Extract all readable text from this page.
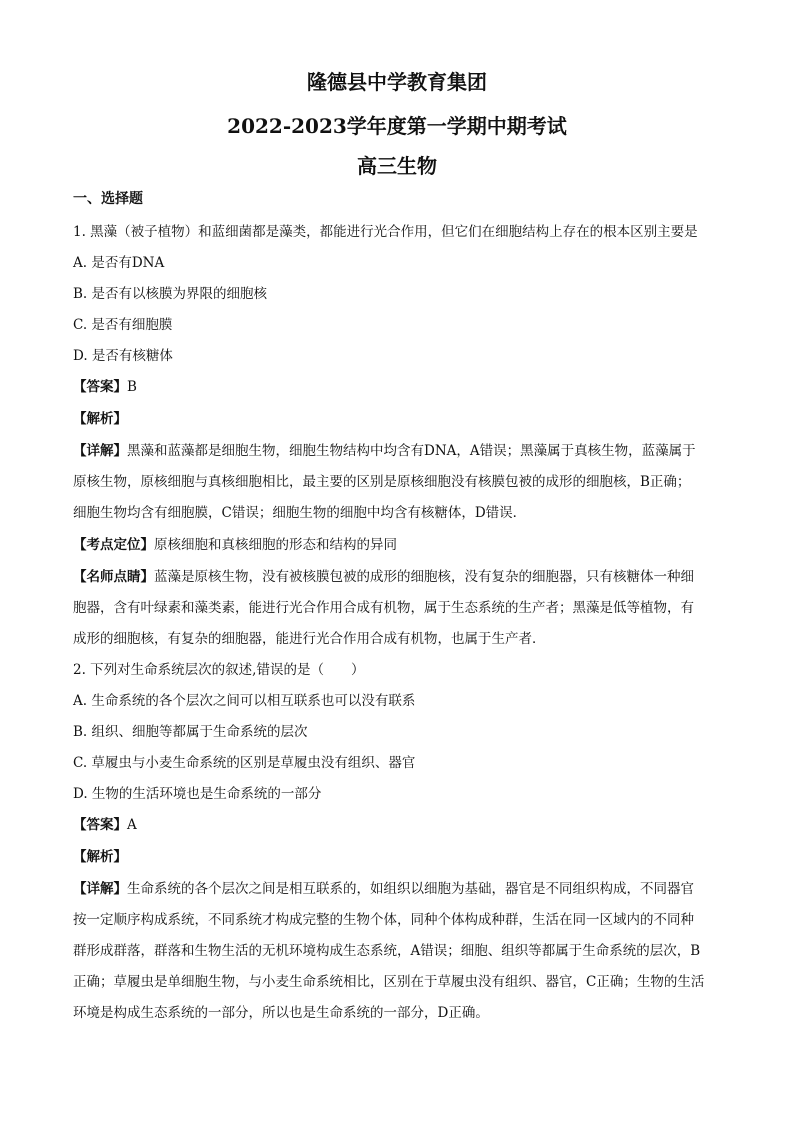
隆德县中学教育集团
2022-2023学年度第一学期中期考试
高三生物
一、选择题
1. 黑藻（被子植物）和蓝细菌都是藻类，都能进行光合作用，但它们在细胞结构上存在的根本区别主要是
A. 是否有DNA
B. 是否有以核膜为界限的细胞核
C. 是否有细胞膜
D. 是否有核糖体
【答案】B
【解析】
【详解】黑藻和蓝藻都是细胞生物，细胞生物结构中均含有DNA，A错误；黑藻属于真核生物，蓝藻属于
原核生物，原核细胞与真核细胞相比，最主要的区别是原核细胞没有核膜包被的成形的细胞核，B正确；
细胞生物均含有细胞膜，C错误；细胞生物的细胞中均含有核糖体，D错误．
【考点定位】原核细胞和真核细胞的形态和结构的异同
【名师点睛】蓝藻是原核生物，没有被核膜包被的成形的细胞核，没有复杂的细胞器，只有核糖体一种细
胞器，含有叶绿素和藻类素，能进行光合作用合成有机物，属于生态系统的生产者；黑藻是低等植物，有
成形的细胞核，有复杂的细胞器，能进行光合作用合成有机物，也属于生产者．
2. 下列对生命系统层次的叙述,错误的是（　　）
A. 生命系统的各个层次之间可以相互联系也可以没有联系
B. 组织、细胞等都属于生命系统的层次
C. 草履虫与小麦生命系统的区别是草履虫没有组织、器官
D. 生物的生活环境也是生命系统的一部分
【答案】A
【解析】
【详解】生命系统的各个层次之间是相互联系的，如组织以细胞为基础，器官是不同组织构成，不同器官
按一定顺序构成系统，不同系统才构成完整的生物个体，同种个体构成种群，生活在同一区域内的不同种
群形成群落，群落和生物生活的无机环境构成生态系统，A错误；细胞、组织等都属于生命系统的层次，B
正确；草履虫是单细胞生物，与小麦生命系统相比，区别在于草履虫没有组织、器官，C正确；生物的生活
环境是构成生态系统的一部分，所以也是生命系统的一部分，D正确。
